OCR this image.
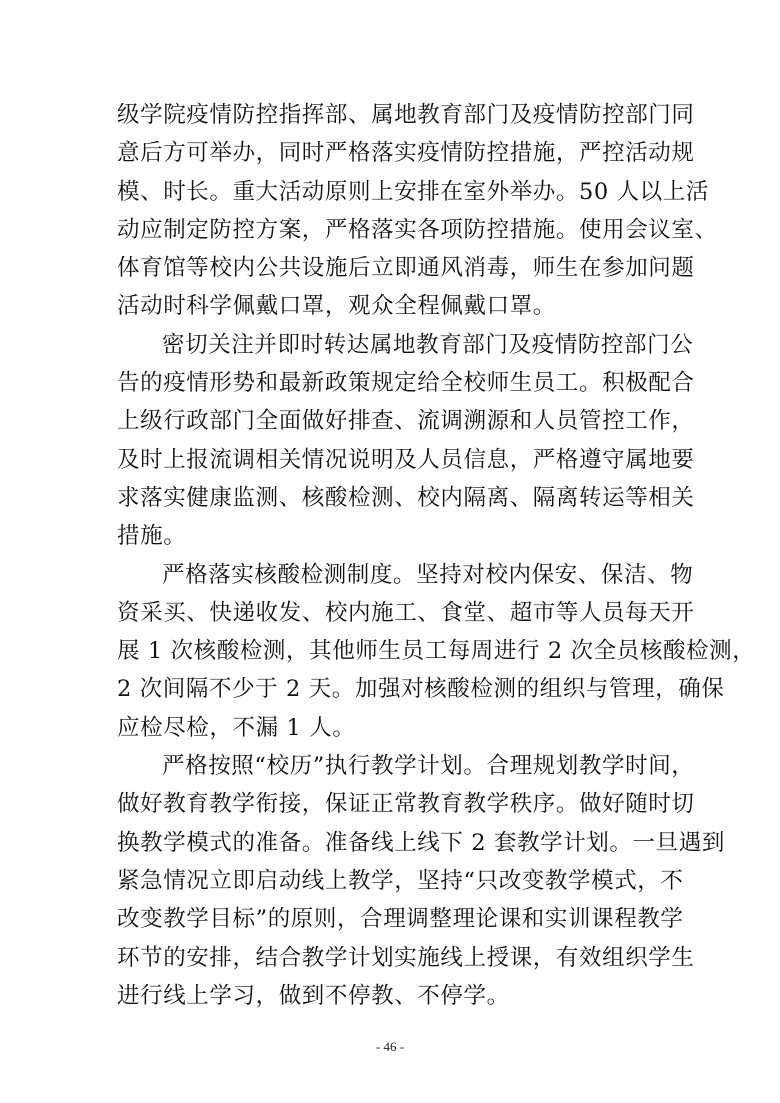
级学院疫情防控指挥部、属地教育部门及疫情防控部门同
意后方可举办，同时严格落实疫情防控措施，严控活动规
模、时长。重大活动原则上安排在室外举办。50 人以上活
动应制定防控方案，严格落实各项防控措施。使用会议室、
体育馆等校内公共设施后立即通风消毒，师生在参加问题
活动时科学佩戴口罩，观众全程佩戴口罩。
密切关注并即时转达属地教育部门及疫情防控部门公
告的疫情形势和最新政策规定给全校师生员工。积极配合
上级行政部门全面做好排查、流调溯源和人员管控工作，
及时上报流调相关情况说明及人员信息，严格遵守属地要
求落实健康监测、核酸检测、校内隔离、隔离转运等相关
措施。
严格落实核酸检测制度。坚持对校内保安、保洁、物
资采买、快递收发、校内施工、食堂、超市等人员每天开
展 1 次核酸检测，其他师生员工每周进行 2 次全员核酸检测，
2 次间隔不少于 2 天。加强对核酸检测的组织与管理，确保
应检尽检，不漏 1 人。
严格按照“校历”执行教学计划。合理规划教学时间，
做好教育教学衔接，保证正常教育教学秩序。做好随时切
换教学模式的准备。准备线上线下 2 套教学计划。一旦遇到
紧急情况立即启动线上教学，坚持“只改变教学模式，不
改变教学目标”的原则，合理调整理论课和实训课程教学
环节的安排，结合教学计划实施线上授课，有效组织学生
进行线上学习，做到不停教、不停学。
- 46 -
